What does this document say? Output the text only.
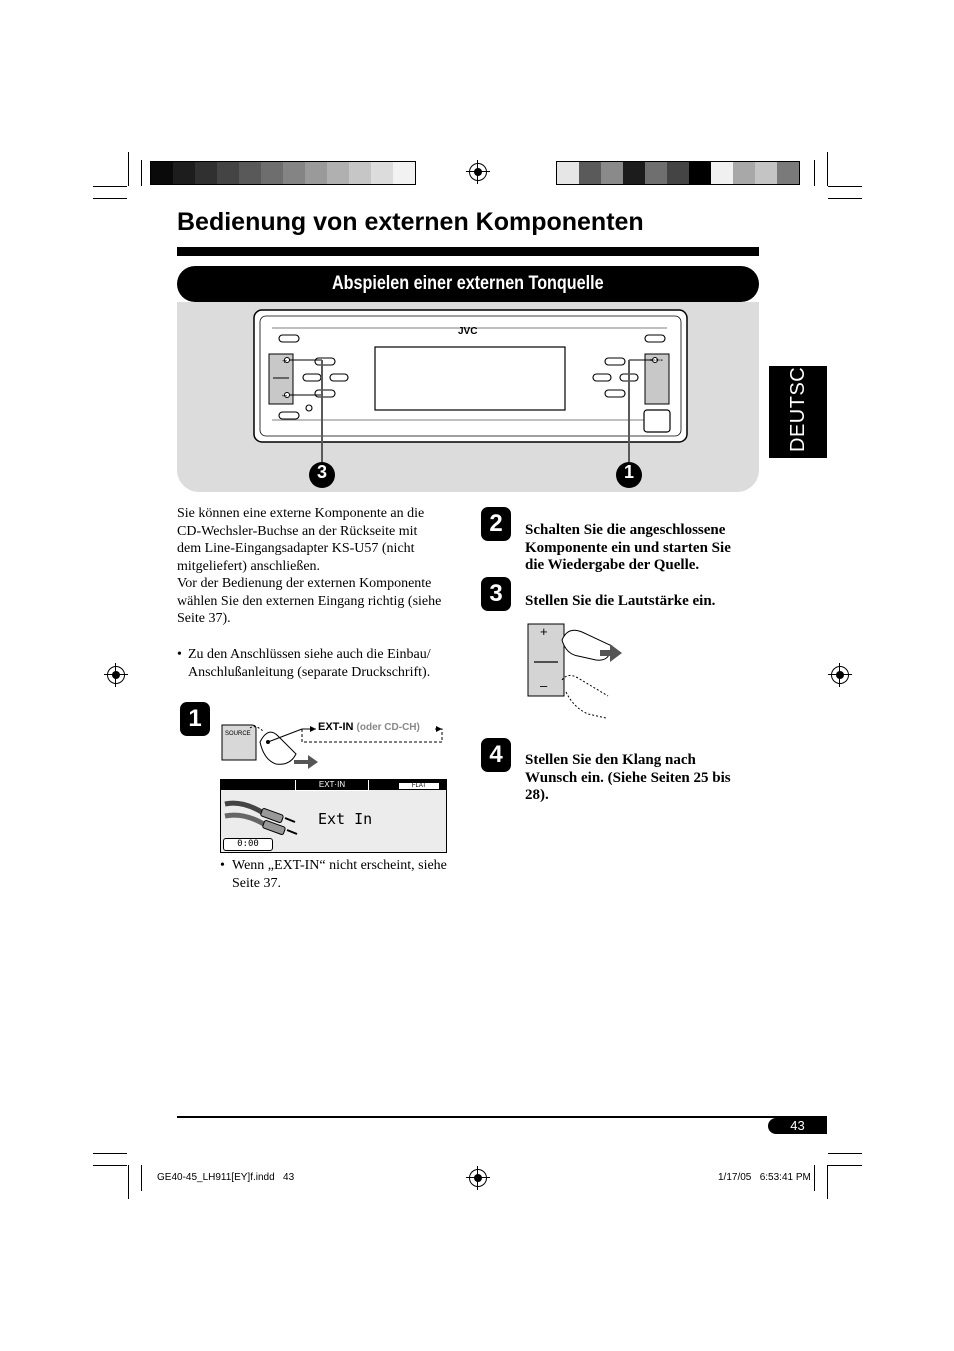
Bedienung von externen Komponenten
Abspielen einer externen Tonquelle
+
–
JVC
SOURCE
3	1
DEUTSCH
Sie können eine externe Komponente an die
CD-Wechsler-Buchse an der Rückseite mit
dem Line-Eingangsadapter KS-U57 (nicht
mitgeliefert) anschließen.
Vor der Bedienung der externen Komponente
wählen Sie den externen Eingang richtig (siehe
Seite 37).
• Zu den Anschlüssen siehe auch die Einbau/
Anschlußanleitung (separate Druckschrift).
1
SOURCE
EXT-IN (oder CD-CH)
EXT·IN	FLAT
Ext In
0:00
• Wenn „EXT-IN“ nicht erscheint, siehe
Seite 37.
2	Schalten Sie die angeschlossene
Komponente ein und starten Sie
die Wiedergabe der Quelle.
3	Stellen Sie die Lautstärke ein.
+
–
4	Stellen Sie den Klang nach
Wunsch ein. (Siehe Seiten 25 bis
28).
43
GE40-45_LH911[EY]f.indd   43	1/17/05   6:53:41 PM
